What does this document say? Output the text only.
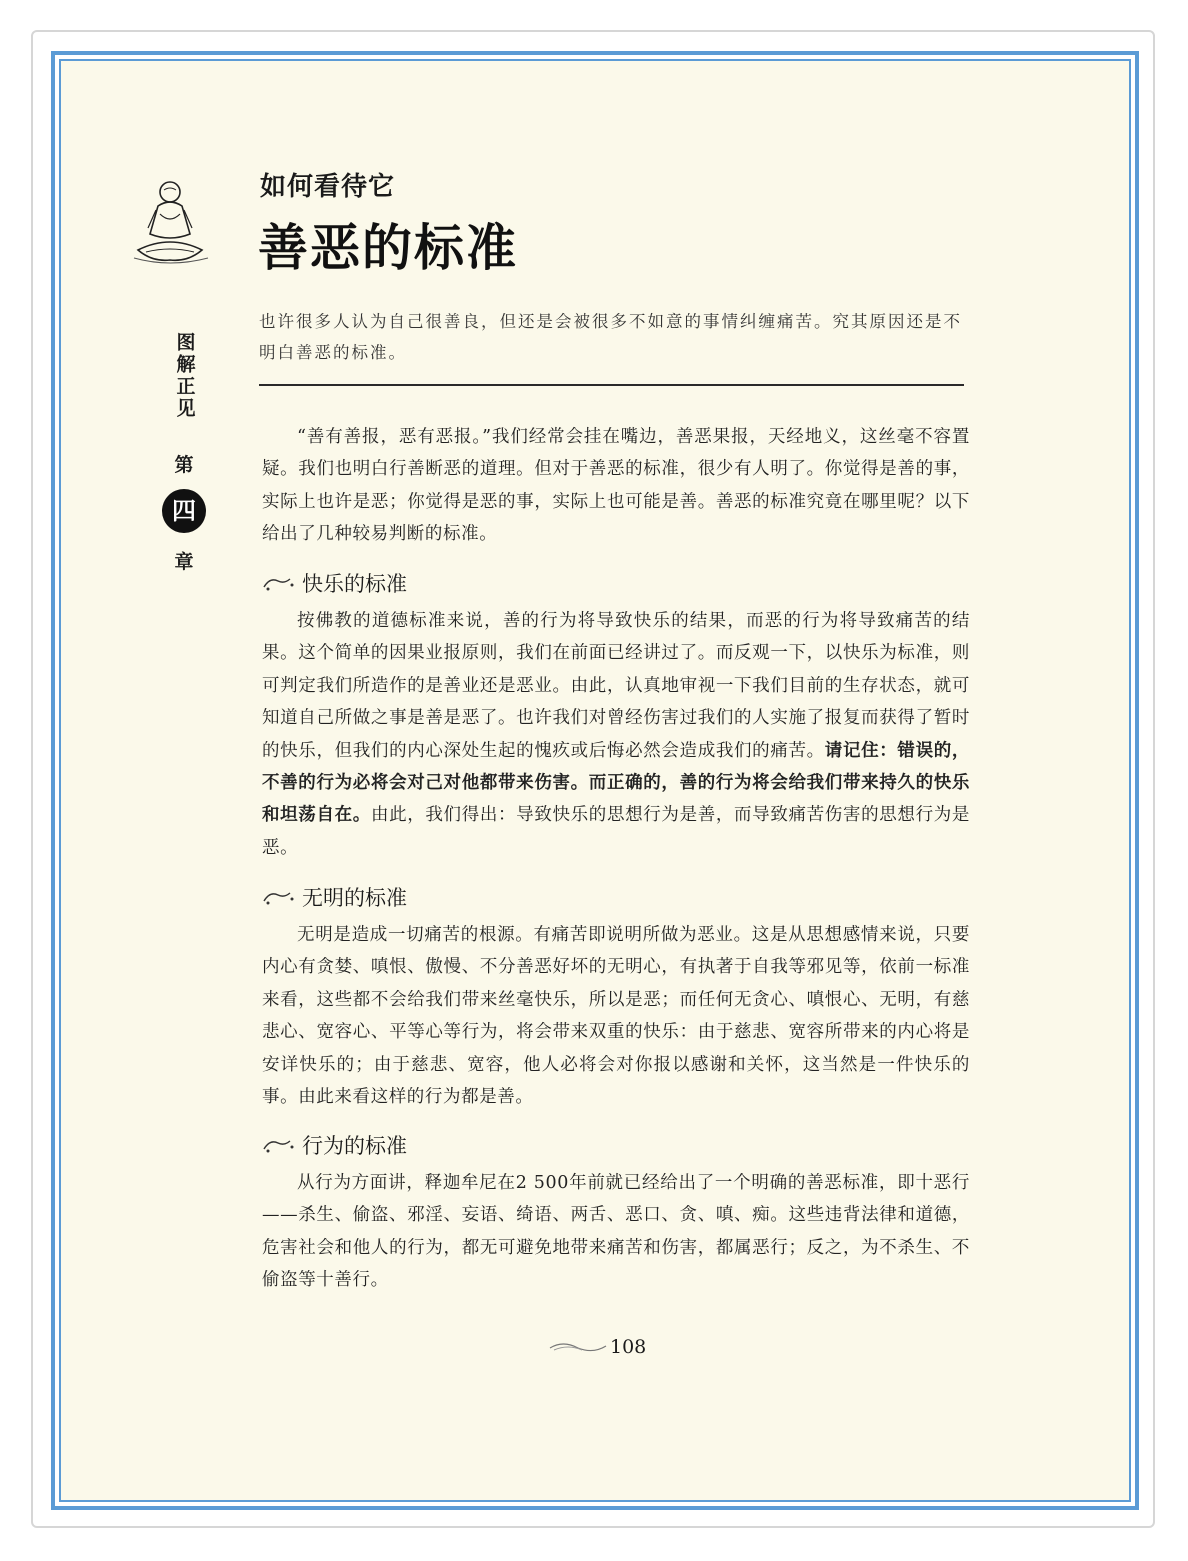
如何看待它
善恶的标准
图解正见
第
四
章
也许很多人认为自己很善良，但还是会被很多不如意的事情纠缠痛苦。究其原因还是不明白善恶的标准。

“善有善报，恶有恶报。”我们经常会挂在嘴边，善恶果报，天经地义，这丝毫不容置疑。我们也明白行善断恶的道理。但对于善恶的标准，很少有人明了。你觉得是善的事，实际上也许是恶；你觉得是恶的事，实际上也可能是善。善恶的标准究竟在哪里呢？以下给出了几种较易判断的标准。

快乐的标准

按佛教的道德标准来说，善的行为将导致快乐的结果，而恶的行为将导致痛苦的结果。这个简单的因果业报原则，我们在前面已经讲过了。而反观一下，以快乐为标准，则可判定我们所造作的是善业还是恶业。由此，认真地审视一下我们目前的生存状态，就可知道自己所做之事是善是恶了。也许我们对曾经伤害过我们的人实施了报复而获得了暂时的快乐，但我们的内心深处生起的愧疚或后悔必然会造成我们的痛苦。请记住：错误的，不善的行为必将会对己对他都带来伤害。而正确的，善的行为将会给我们带来持久的快乐和坦荡自在。由此，我们得出：导致快乐的思想行为是善，而导致痛苦伤害的思想行为是恶。

无明的标准

无明是造成一切痛苦的根源。有痛苦即说明所做为恶业。这是从思想感情来说，只要内心有贪婪、嗔恨、傲慢、不分善恶好坏的无明心，有执著于自我等邪见等，依前一标准来看，这些都不会给我们带来丝毫快乐，所以是恶；而任何无贪心、嗔恨心、无明，有慈悲心、宽容心、平等心等行为，将会带来双重的快乐：由于慈悲、宽容所带来的内心将是安详快乐的；由于慈悲、宽容，他人必将会对你报以感谢和关怀，这当然是一件快乐的事。由此来看这样的行为都是善。

行为的标准

从行为方面讲，释迦牟尼在2 500年前就已经给出了一个明确的善恶标准，即十恶行——杀生、偷盗、邪淫、妄语、绮语、两舌、恶口、贪、嗔、痴。这些违背法律和道德，危害社会和他人的行为，都无可避免地带来痛苦和伤害，都属恶行；反之，为不杀生、不偷盗等十善行。

108
